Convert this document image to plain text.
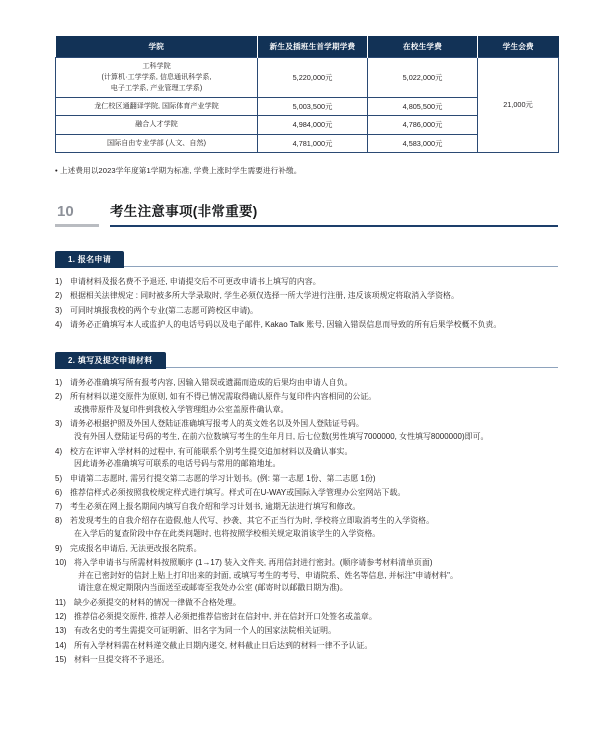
学院	新生及插班生首学期学费	在校生学费	学生会费
工科学院
(计算机·工学学系, 信息通讯科学系,
电子工学系, 产业管理工学系)	5,220,000元	5,022,000元	21,000元
龙仁校区通翻译学院, 国际体育产业学院	5,003,500元	4,805,500元	
融合人才学院	4,984,000元	4,786,000元	
国际自由专业学部 (人文、自然)	4,781,000元	4,583,000元	
• 上述费用以2023学年度第1学期为标准, 学费上涨时学生需要进行补缴。
10	考生注意事项(非常重要)
1. 报名申请
1) 申请材料及报名费不予退还, 申请提交后不可更改申请书上填写的内容。
2) 根据相关法律规定 : 同时被多所大学录取时, 学生必须仅选择一所大学进行注册, 违反该项规定将取消入学资格。
3) 可同时填报我校的两个专业(第二志愿可跨校区申请)。
4) 请务必正确填写本人或监护人的电话号码以及电子邮件, Kakao Talk 账号, 因输入错误信息而导致的所有后果学校概不负责。
2. 填写及提交申请材料
1) 请务必准确填写所有报考内容, 因输入错误或遗漏而造成的后果均由申请人自负。
2) 所有材料以递交原件为原则, 如有不得已情况需取得确认原件与复印件内容相同的公证。
或携带原件及复印件到我校入学管理组办公室盖原件确认章。
3) 请务必根据护照及外国人登陆证准确填写报考人的英文姓名以及外国人登陆证号码。
没有外国人登陆证号码的考生, 在前六位数填写考生的生年月日, 后七位数(男性填写7000000, 女性填写8000000)即可。
4) 校方在评审入学材料的过程中, 有可能联系个别考生提交追加材料以及确认事实。
因此请务必准确填写可联系的电话号码与常用的邮箱地址。
5) 申请第二志愿时, 需另行提交第二志愿的学习计划书。(例: 第一志愿 1份、第二志愿 1份)
6) 推荐信样式必须按照我校规定样式进行填写。样式可在U-WAY或国际入学管理办公室网站下载。
7) 考生必须在网上报名期间内填写自我介绍和学习计划书, 逾期无法进行填写和修改。
8) 若发现考生的自我介绍存在造假,他人代写、抄袭、其它不正当行为时, 学校将立即取消考生的入学资格。
在入学后的复查阶段中存在此类问题时, 也将按照学校相关规定取消该学生的入学资格。
9) 完成报名申请后, 无法更改报名院系。
10) 将入学申请书与所需材料按照顺序 (1→17) 装入文件夹, 再用信封进行密封。(顺序请参考材料清单页面)
并在已密封好的信封上贴上打印出来的封面, 或填写考生的考号、申请院系、姓名等信息, 并标注"申请材料"。
请注意在规定期限内当面送至或邮寄至我处办公室 (邮寄时以邮戳日期为准)。
11)	缺少必须提交的材料的情况一律做不合格处理。
12) 推荐信必须提交原件, 推荐人必须把推荐信密封在信封中, 并在信封开口处签名或盖章。
13) 有改名史的考生需提交可证明新、旧名字为同一个人的国家法院相关证明。
14) 所有入学材料需在材料递交截止日期内递交, 材料截止日后达到的材料一律不予认证。
15) 材料一旦提交将不予退还。
